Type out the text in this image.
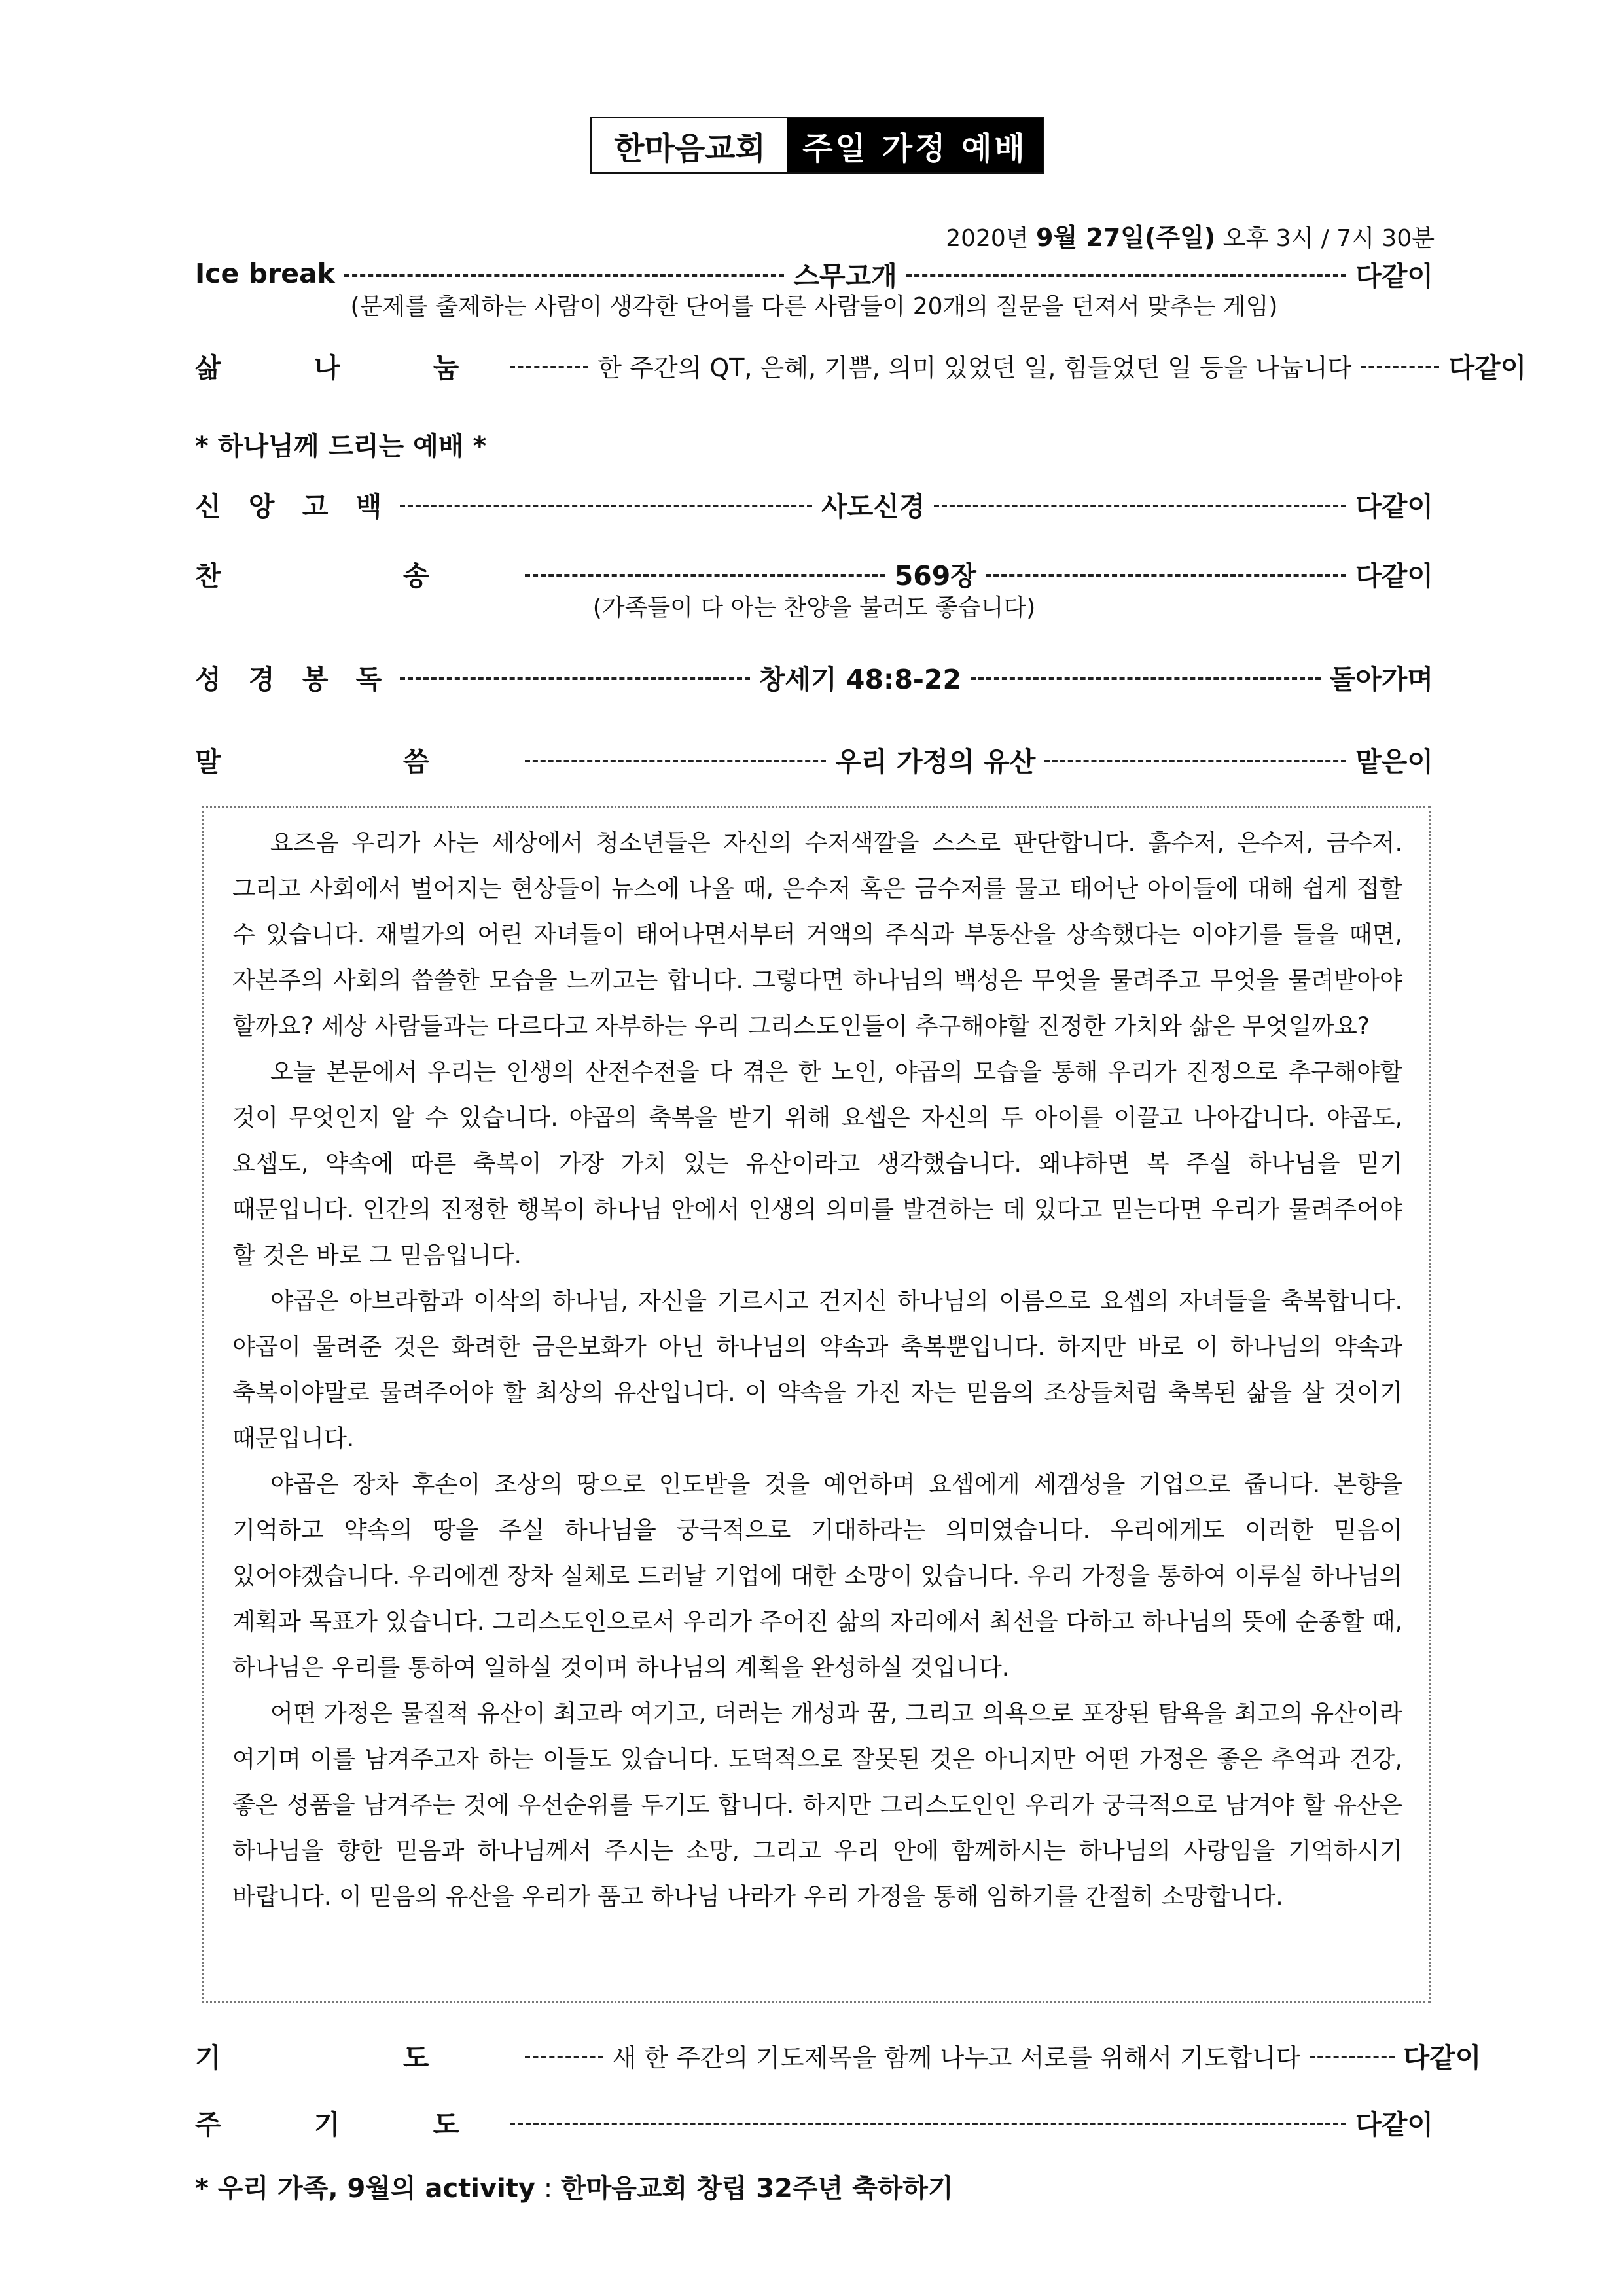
한마음교회	주일 가정 예배
2020년 9월 27일(주일) 오후 3시 / 7시 30분
Ice break	스무고개	다같이
(문제를 출제하는 사람이 생각한 단어를 다른 사람들이 20개의 질문을 던져서 맞추는 게임)
삶 나 눔	한 주간의 QT, 은혜, 기쁨, 의미 있었던 일, 힘들었던 일 등을 나눕니다	다같이
* 하나님께 드리는 예배 *
신 앙 고 백	사도신경	다같이
찬 송	569장	다같이
(가족들이 다 아는 찬양을 불러도 좋습니다)
성 경 봉 독	창세기 48:8-22	돌아가며
말 씀	우리 가정의 유산	맡은이

요즈음 우리가 사는 세상에서 청소년들은 자신의 수저색깔을 스스로 판단합니다. 흙수저, 은수저, 금수저. 그리고 사회에서 벌어지는 현상들이 뉴스에 나올 때, 은수저 혹은 금수저를 물고 태어난 아이들에 대해 쉽게 접할 수 있습니다. 재벌가의 어린 자녀들이 태어나면서부터 거액의 주식과 부동산을 상속했다는 이야기를 들을 때면, 자본주의 사회의 씁쓸한 모습을 느끼고는 합니다. 그렇다면 하나님의 백성은 무엇을 물려주고 무엇을 물려받아야 할까요? 세상 사람들과는 다르다고 자부하는 우리 그리스도인들이 추구해야할 진정한 가치와 삶은 무엇일까요?

오늘 본문에서 우리는 인생의 산전수전을 다 겪은 한 노인, 야곱의 모습을 통해 우리가 진정으로 추구해야할 것이 무엇인지 알 수 있습니다. 야곱의 축복을 받기 위해 요셉은 자신의 두 아이를 이끌고 나아갑니다. 야곱도, 요셉도, 약속에 따른 축복이 가장 가치 있는 유산이라고 생각했습니다. 왜냐하면 복 주실 하나님을 믿기 때문입니다. 인간의 진정한 행복이 하나님 안에서 인생의 의미를 발견하는 데 있다고 믿는다면 우리가 물려주어야 할 것은 바로 그 믿음입니다.

야곱은 아브라함과 이삭의 하나님, 자신을 기르시고 건지신 하나님의 이름으로 요셉의 자녀들을 축복합니다. 야곱이 물려준 것은 화려한 금은보화가 아닌 하나님의 약속과 축복뿐입니다. 하지만 바로 이 하나님의 약속과 축복이야말로 물려주어야 할 최상의 유산입니다. 이 약속을 가진 자는 믿음의 조상들처럼 축복된 삶을 살 것이기 때문입니다.

야곱은 장차 후손이 조상의 땅으로 인도받을 것을 예언하며 요셉에게 세겜성을 기업으로 줍니다. 본향을 기억하고 약속의 땅을 주실 하나님을 궁극적으로 기대하라는 의미였습니다. 우리에게도 이러한 믿음이 있어야겠습니다. 우리에겐 장차 실체로 드러날 기업에 대한 소망이 있습니다. 우리 가정을 통하여 이루실 하나님의 계획과 목표가 있습니다. 그리스도인으로서 우리가 주어진 삶의 자리에서 최선을 다하고 하나님의 뜻에 순종할 때, 하나님은 우리를 통하여 일하실 것이며 하나님의 계획을 완성하실 것입니다.

어떤 가정은 물질적 유산이 최고라 여기고, 더러는 개성과 꿈, 그리고 의욕으로 포장된 탐욕을 최고의 유산이라 여기며 이를 남겨주고자 하는 이들도 있습니다. 도덕적으로 잘못된 것은 아니지만 어떤 가정은 좋은 추억과 건강, 좋은 성품을 남겨주는 것에 우선순위를 두기도 합니다. 하지만 그리스도인인 우리가 궁극적으로 남겨야 할 유산은 하나님을 향한 믿음과 하나님께서 주시는 소망, 그리고 우리 안에 함께하시는 하나님의 사랑임을 기억하시기 바랍니다. 이 믿음의 유산을 우리가 품고 하나님 나라가 우리 가정을 통해 임하기를 간절히 소망합니다.

기 도	새 한 주간의 기도제목을 함께 나누고 서로를 위해서 기도합니다	다같이
주 기 도	다같이
* 우리 가족, 9월의 activity : 한마음교회 창립 32주년 축하하기
